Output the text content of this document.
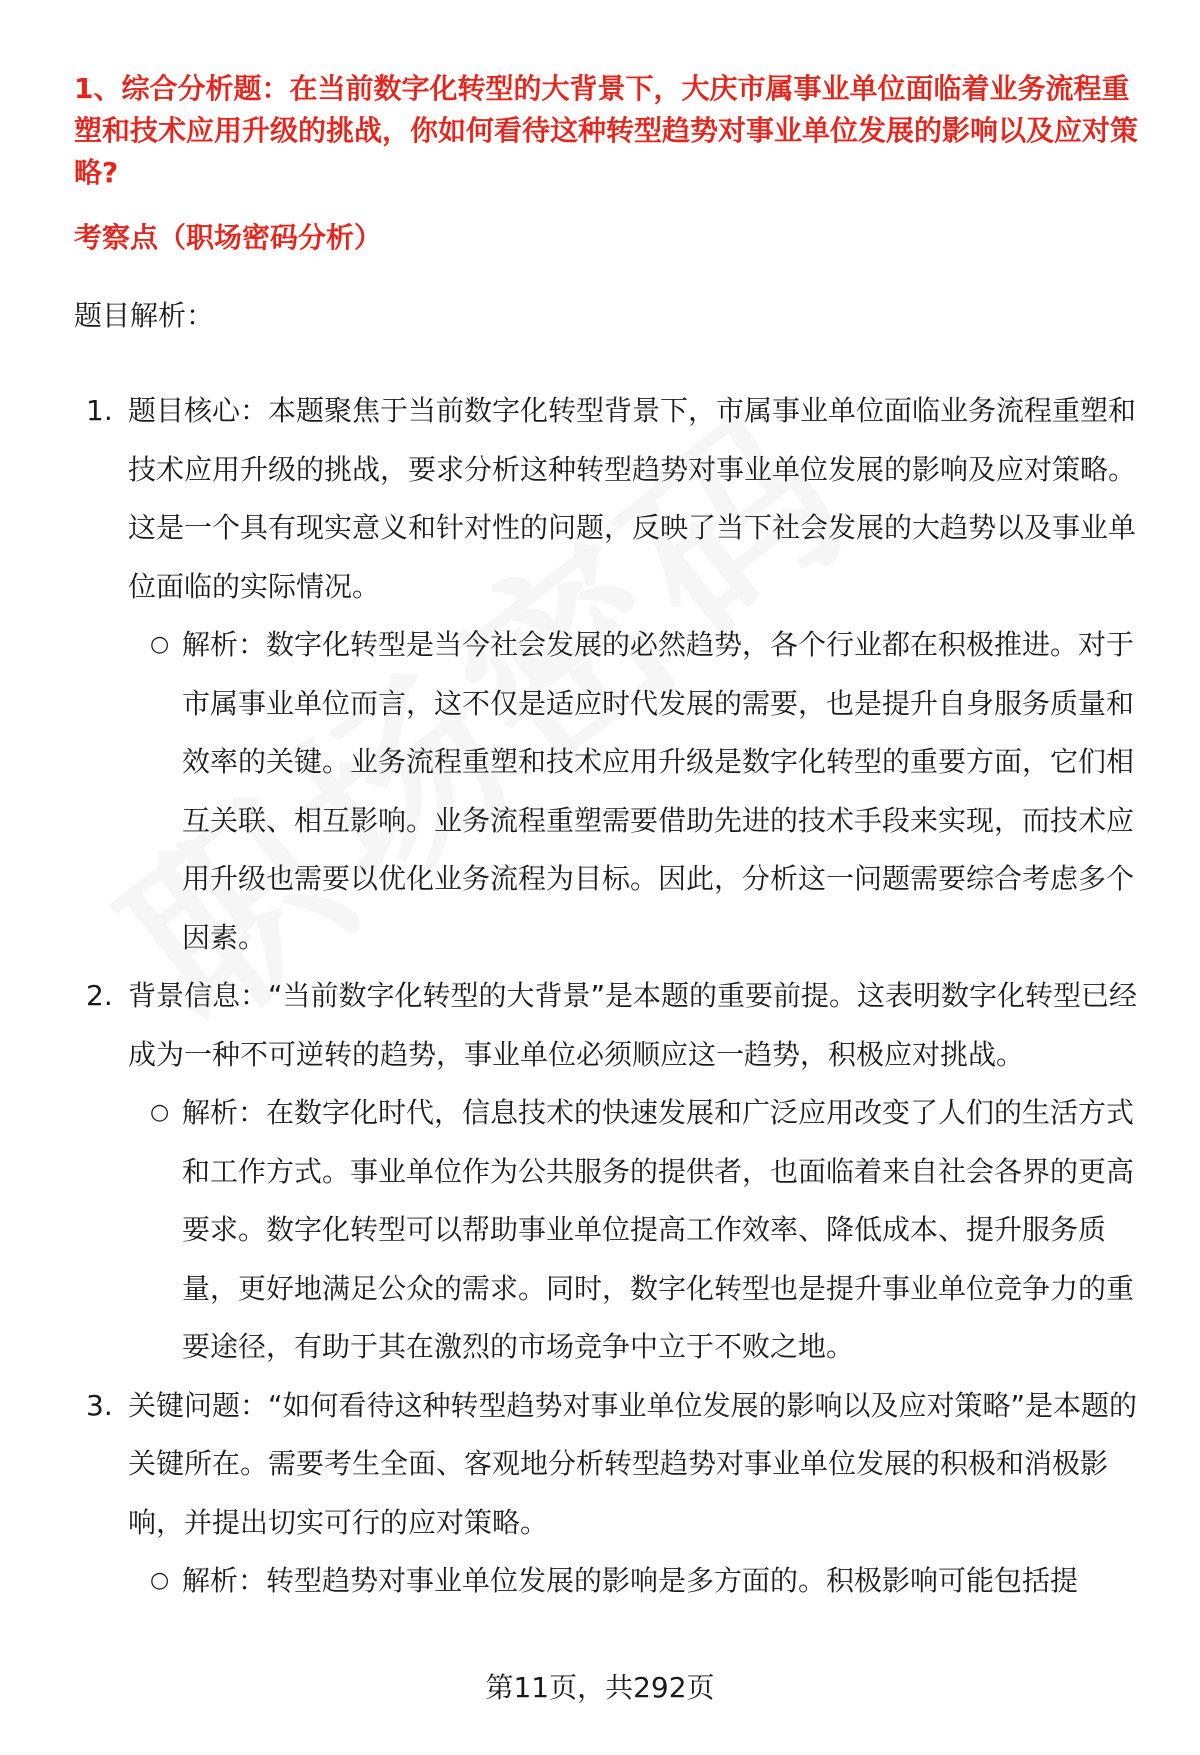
1、综合分析题：在当前数字化转型的大背景下，大庆市属事业单位面临着业务流程重塑和技术应用升级的挑战，你如何看待这种转型趋势对事业单位发展的影响以及应对策略?

考察点（职场密码分析）

题目解析：

1. 题目核心：本题聚焦于当前数字化转型背景下，市属事业单位面临业务流程重塑和技术应用升级的挑战，要求分析这种转型趋势对事业单位发展的影响及应对策略。这是一个具有现实意义和针对性的问题，反映了当下社会发展的大趋势以及事业单位面临的实际情况。
○ 解析：数字化转型是当今社会发展的必然趋势，各个行业都在积极推进。对于市属事业单位而言，这不仅是适应时代发展的需要，也是提升自身服务质量和效率的关键。业务流程重塑和技术应用升级是数字化转型的重要方面，它们相互关联、相互影响。业务流程重塑需要借助先进的技术手段来实现，而技术应用升级也需要以优化业务流程为目标。因此，分析这一问题需要综合考虑多个因素。
2. 背景信息：“当前数字化转型的大背景”是本题的重要前提。这表明数字化转型已经成为一种不可逆转的趋势，事业单位必须顺应这一趋势，积极应对挑战。
○ 解析：在数字化时代，信息技术的快速发展和广泛应用改变了人们的生活方式和工作方式。事业单位作为公共服务的提供者，也面临着来自社会各界的更高要求。数字化转型可以帮助事业单位提高工作效率、降低成本、提升服务质量，更好地满足公众的需求。同时，数字化转型也是提升事业单位竞争力的重要途径，有助于其在激烈的市场竞争中立于不败之地。
3. 关键问题：“如何看待这种转型趋势对事业单位发展的影响以及应对策略”是本题的关键所在。需要考生全面、客观地分析转型趋势对事业单位发展的积极和消极影响，并提出切实可行的应对策略。
○ 解析：转型趋势对事业单位发展的影响是多方面的。积极影响可能包括提
第11页，共292页
